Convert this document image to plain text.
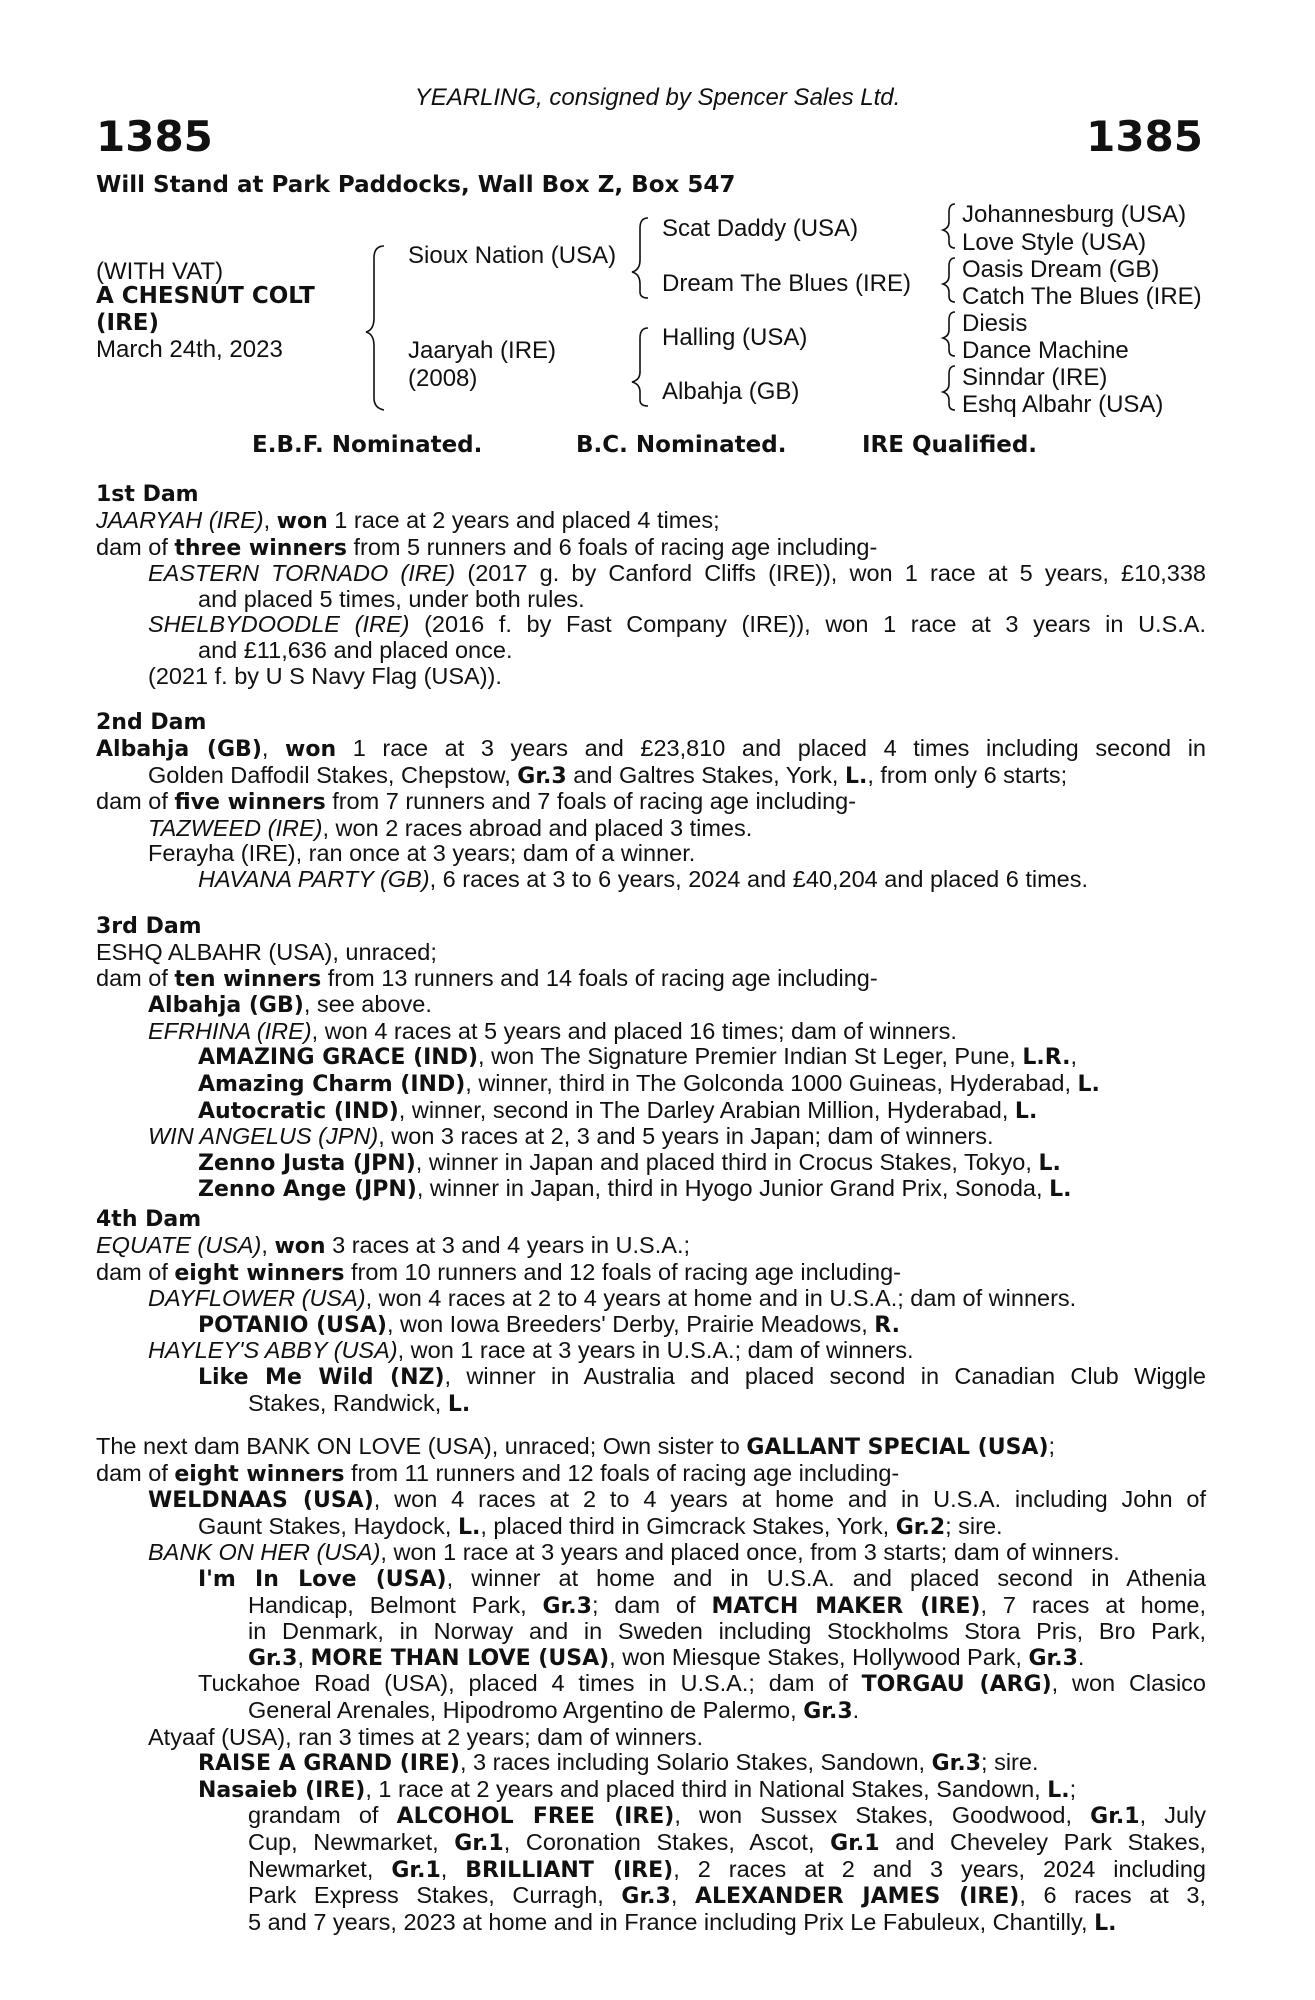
YEARLING, consigned by Spencer Sales Ltd.
1385	1385
Will Stand at Park Paddocks, Wall Box Z, Box 547
(WITH VAT)
A CHESNUT COLT
(IRE)
March 24th, 2023
Sioux Nation (USA)
Jaaryah (IRE)
(2008)
Scat Daddy (USA)
Dream The Blues (IRE)
Halling (USA)
Albahja (GB)
Johannesburg (USA)
Love Style (USA)
Oasis Dream (GB)
Catch The Blues (IRE)
Diesis
Dance Machine
Sinndar (IRE)
Eshq Albahr (USA)
E.B.F. Nominated.	B.C. Nominated.	IRE Qualified.
1st Dam
JAARYAH (IRE), won 1 race at 2 years and placed 4 times;
dam of three winners from 5 runners and 6 foals of racing age including-
EASTERN TORNADO (IRE) (2017 g. by Canford Cliffs (IRE)), won 1 race at 5 years, £10,338
and placed 5 times, under both rules.
SHELBYDOODLE (IRE) (2016 f. by Fast Company (IRE)), won 1 race at 3 years in U.S.A.
and £11,636 and placed once.
(2021 f. by U S Navy Flag (USA)).
2nd Dam
Albahja (GB), won 1 race at 3 years and £23,810 and placed 4 times including second in
Golden Daffodil Stakes, Chepstow, Gr.3 and Galtres Stakes, York, L., from only 6 starts;
dam of five winners from 7 runners and 7 foals of racing age including-
TAZWEED (IRE), won 2 races abroad and placed 3 times.
Ferayha (IRE), ran once at 3 years; dam of a winner.
HAVANA PARTY (GB), 6 races at 3 to 6 years, 2024 and £40,204 and placed 6 times.
3rd Dam
ESHQ ALBAHR (USA), unraced;
dam of ten winners from 13 runners and 14 foals of racing age including-
Albahja (GB), see above.
EFRHINA (IRE), won 4 races at 5 years and placed 16 times; dam of winners.
AMAZING GRACE (IND), won The Signature Premier Indian St Leger, Pune, L.R.,
Amazing Charm (IND), winner, third in The Golconda 1000 Guineas, Hyderabad, L.
Autocratic (IND), winner, second in The Darley Arabian Million, Hyderabad, L.
WIN ANGELUS (JPN), won 3 races at 2, 3 and 5 years in Japan; dam of winners.
Zenno Justa (JPN), winner in Japan and placed third in Crocus Stakes, Tokyo, L.
Zenno Ange (JPN), winner in Japan, third in Hyogo Junior Grand Prix, Sonoda, L.
4th Dam
EQUATE (USA), won 3 races at 3 and 4 years in U.S.A.;
dam of eight winners from 10 runners and 12 foals of racing age including-
DAYFLOWER (USA), won 4 races at 2 to 4 years at home and in U.S.A.; dam of winners.
POTANIO (USA), won Iowa Breeders' Derby, Prairie Meadows, R.
HAYLEY'S ABBY (USA), won 1 race at 3 years in U.S.A.; dam of winners.
Like Me Wild (NZ), winner in Australia and placed second in Canadian Club Wiggle
Stakes, Randwick, L.
The next dam BANK ON LOVE (USA), unraced; Own sister to GALLANT SPECIAL (USA);
dam of eight winners from 11 runners and 12 foals of racing age including-
WELDNAAS (USA), won 4 races at 2 to 4 years at home and in U.S.A. including John of
Gaunt Stakes, Haydock, L., placed third in Gimcrack Stakes, York, Gr.2; sire.
BANK ON HER (USA), won 1 race at 3 years and placed once, from 3 starts; dam of winners.
I'm In Love (USA), winner at home and in U.S.A. and placed second in Athenia
Handicap, Belmont Park, Gr.3; dam of MATCH MAKER (IRE), 7 races at home,
in Denmark, in Norway and in Sweden including Stockholms Stora Pris, Bro Park,
Gr.3, MORE THAN LOVE (USA), won Miesque Stakes, Hollywood Park, Gr.3.
Tuckahoe Road (USA), placed 4 times in U.S.A.; dam of TORGAU (ARG), won Clasico
General Arenales, Hipodromo Argentino de Palermo, Gr.3.
Atyaaf (USA), ran 3 times at 2 years; dam of winners.
RAISE A GRAND (IRE), 3 races including Solario Stakes, Sandown, Gr.3; sire.
Nasaieb (IRE), 1 race at 2 years and placed third in National Stakes, Sandown, L.;
grandam of ALCOHOL FREE (IRE), won Sussex Stakes, Goodwood, Gr.1, July
Cup, Newmarket, Gr.1, Coronation Stakes, Ascot, Gr.1 and Cheveley Park Stakes,
Newmarket, Gr.1, BRILLIANT (IRE), 2 races at 2 and 3 years, 2024 including
Park Express Stakes, Curragh, Gr.3, ALEXANDER JAMES (IRE), 6 races at 3,
5 and 7 years, 2023 at home and in France including Prix Le Fabuleux, Chantilly, L.
